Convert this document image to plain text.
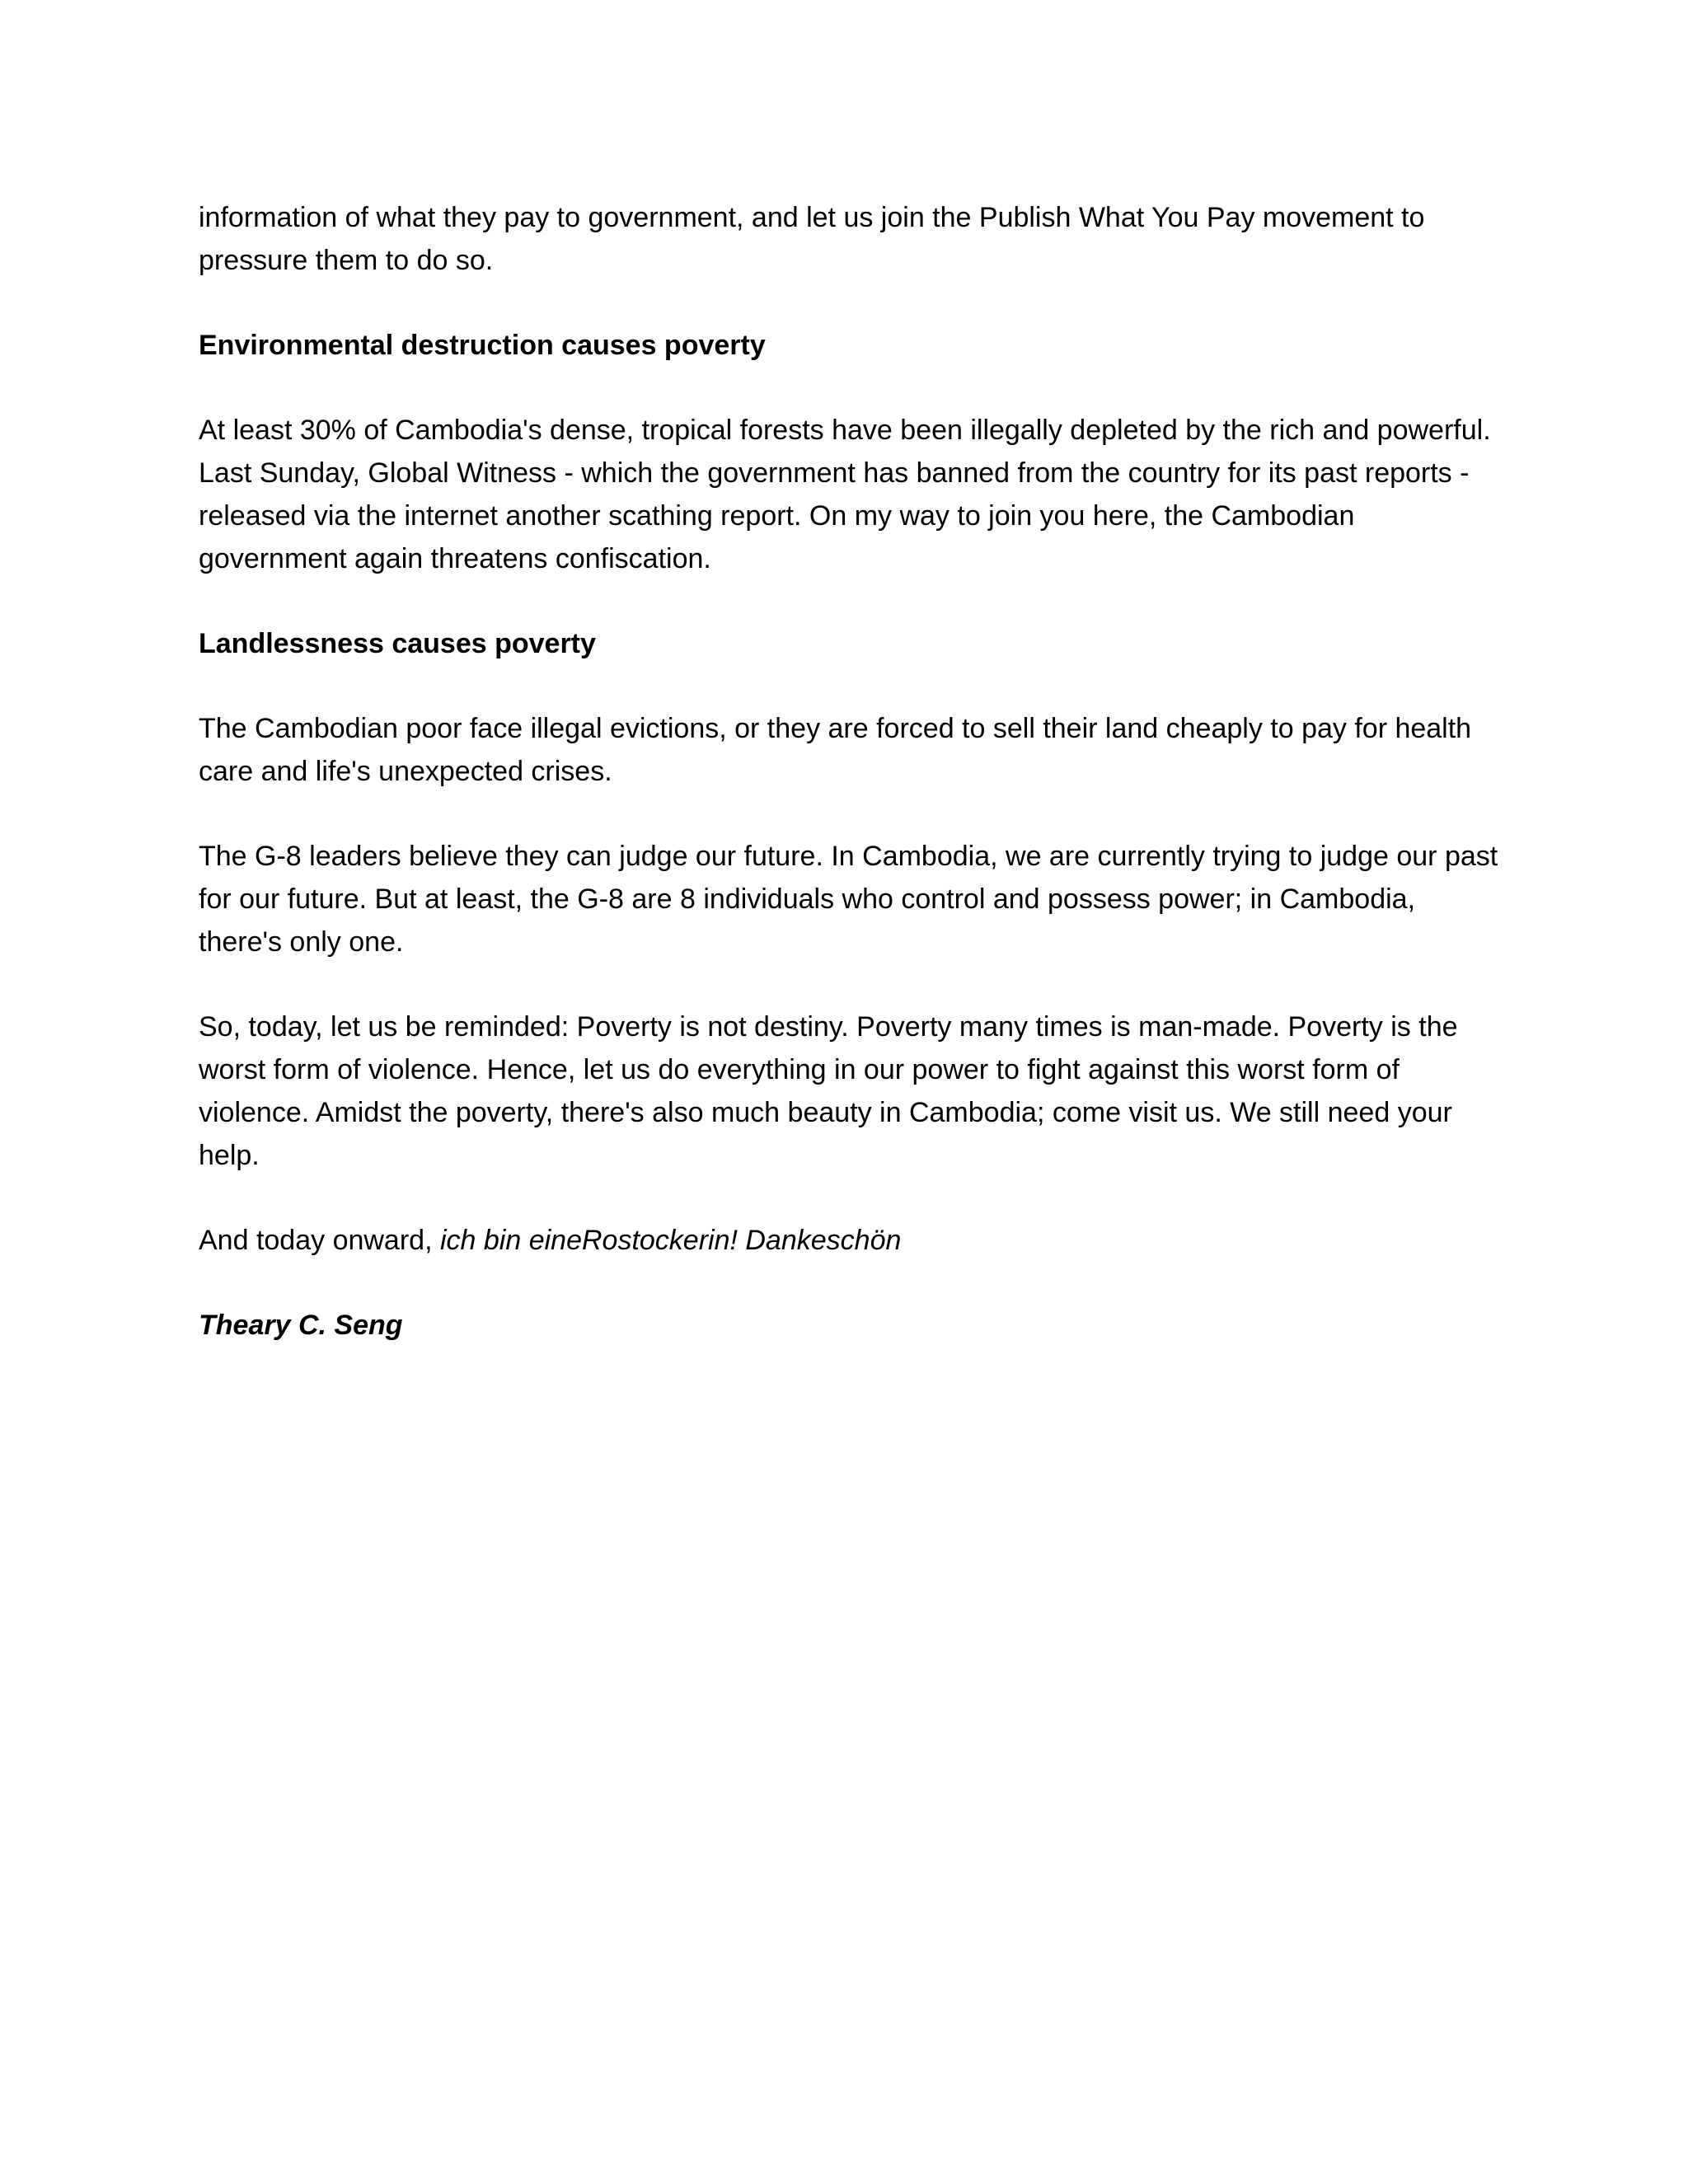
information of what they pay to government, and let us join the Publish What You Pay movement to pressure them to do so.

Environmental destruction causes poverty

At least 30% of Cambodia's dense, tropical forests have been illegally depleted by the rich and powerful. Last Sunday, Global Witness - which the government has banned from the country for its past reports - released via the internet another scathing report. On my way to join you here, the Cambodian government again threatens confiscation.

Landlessness causes poverty

The Cambodian poor face illegal evictions, or they are forced to sell their land cheaply to pay for health care and life's unexpected crises.

The G-8 leaders believe they can judge our future. In Cambodia, we are currently trying to judge our past for our future. But at least, the G-8 are 8 individuals who control and possess power; in Cambodia, there's only one.

So, today, let us be reminded: Poverty is not destiny. Poverty many times is man-made. Poverty is the worst form of violence. Hence, let us do everything in our power to fight against this worst form of violence. Amidst the poverty, there's also much beauty in Cambodia; come visit us. We still need your help.

And today onward, ich bin eineRostockerin! Dankeschön

Theary C. Seng
